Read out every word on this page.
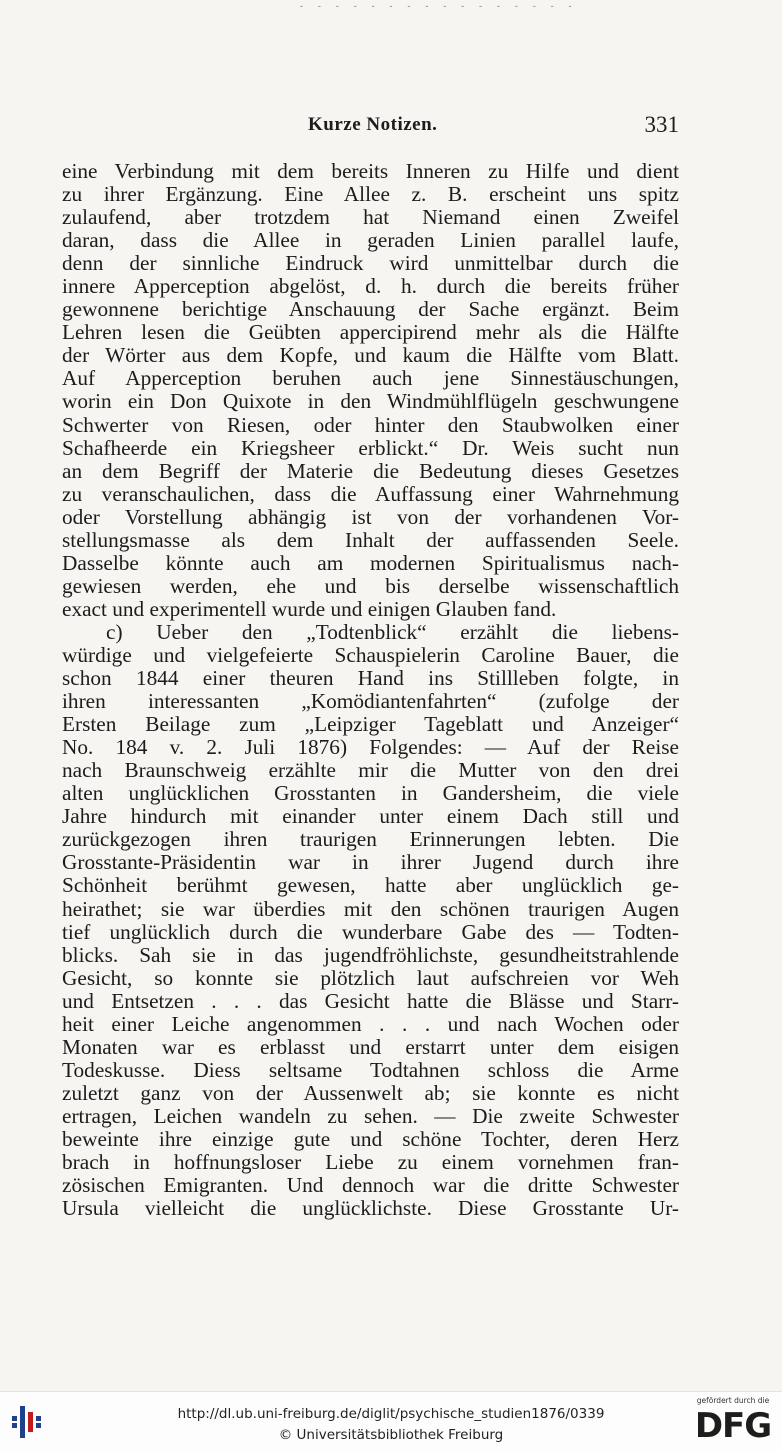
- - - - - - - - - - - - - - - -
Kurze Notizen.	331
eine Verbindung mit dem bereits Inneren zu Hilfe und dient
zu ihrer Ergänzung. Eine Allee z. B. erscheint uns spitz
zulaufend, aber trotzdem hat Niemand einen Zweifel
daran, dass die Allee in geraden Linien parallel laufe,
denn der sinnliche Eindruck wird unmittelbar durch die
innere Apperception abgelöst, d. h. durch die bereits früher
gewonnene berichtige Anschauung der Sache ergänzt. Beim
Lehren lesen die Geübten appercipirend mehr als die Hälfte
der Wörter aus dem Kopfe, und kaum die Hälfte vom Blatt.
Auf Apperception beruhen auch jene Sinnestäuschungen,
worin ein Don Quixote in den Windmühlflügeln geschwungene
Schwerter von Riesen, oder hinter den Staubwolken einer
Schafheerde ein Kriegsheer erblickt.“ Dr. Weis sucht nun
an dem Begriff der Materie die Bedeutung dieses Gesetzes
zu veranschaulichen, dass die Auffassung einer Wahrnehmung
oder Vorstellung abhängig ist von der vorhandenen Vor-
stellungsmasse als dem Inhalt der auffassenden Seele.
Dasselbe könnte auch am modernen Spiritualismus nach-
gewiesen werden, ehe und bis derselbe wissenschaftlich
exact und experimentell wurde und einigen Glauben fand.
c) Ueber den „Todtenblick“ erzählt die liebens-
würdige und vielgefeierte Schauspielerin Caroline Bauer, die
schon 1844 einer theuren Hand ins Stillleben folgte, in
ihren interessanten „Komödiantenfahrten“ (zufolge der
Ersten Beilage zum „Leipziger Tageblatt und Anzeiger“
No. 184 v. 2. Juli 1876) Folgendes: — Auf der Reise
nach Braunschweig erzählte mir die Mutter von den drei
alten unglücklichen Grosstanten in Gandersheim, die viele
Jahre hindurch mit einander unter einem Dach still und
zurückgezogen ihren traurigen Erinnerungen lebten. Die
Grosstante-Präsidentin war in ihrer Jugend durch ihre
Schönheit berühmt gewesen, hatte aber unglücklich ge-
heirathet; sie war überdies mit den schönen traurigen Augen
tief unglücklich durch die wunderbare Gabe des — Todten-
blicks. Sah sie in das jugendfröhlichste, gesundheitstrahlende
Gesicht, so konnte sie plötzlich laut aufschreien vor Weh
und Entsetzen . . . das Gesicht hatte die Blässe und Starr-
heit einer Leiche angenommen . . . und nach Wochen oder
Monaten war es erblasst und erstarrt unter dem eisigen
Todeskusse. Diess seltsame Todtahnen schloss die Arme
zuletzt ganz von der Aussenwelt ab; sie konnte es nicht
ertragen, Leichen wandeln zu sehen. — Die zweite Schwester
beweinte ihre einzige gute und schöne Tochter, deren Herz
brach in hoffnungsloser Liebe zu einem vornehmen fran-
zösischen Emigranten. Und dennoch war die dritte Schwester
Ursula vielleicht die unglücklichste. Diese Grosstante Ur-
http://dl.ub.uni-freiburg.de/diglit/psychische_studien1876/0339
© Universitätsbibliothek Freiburg
gefördert durch die
DFG
